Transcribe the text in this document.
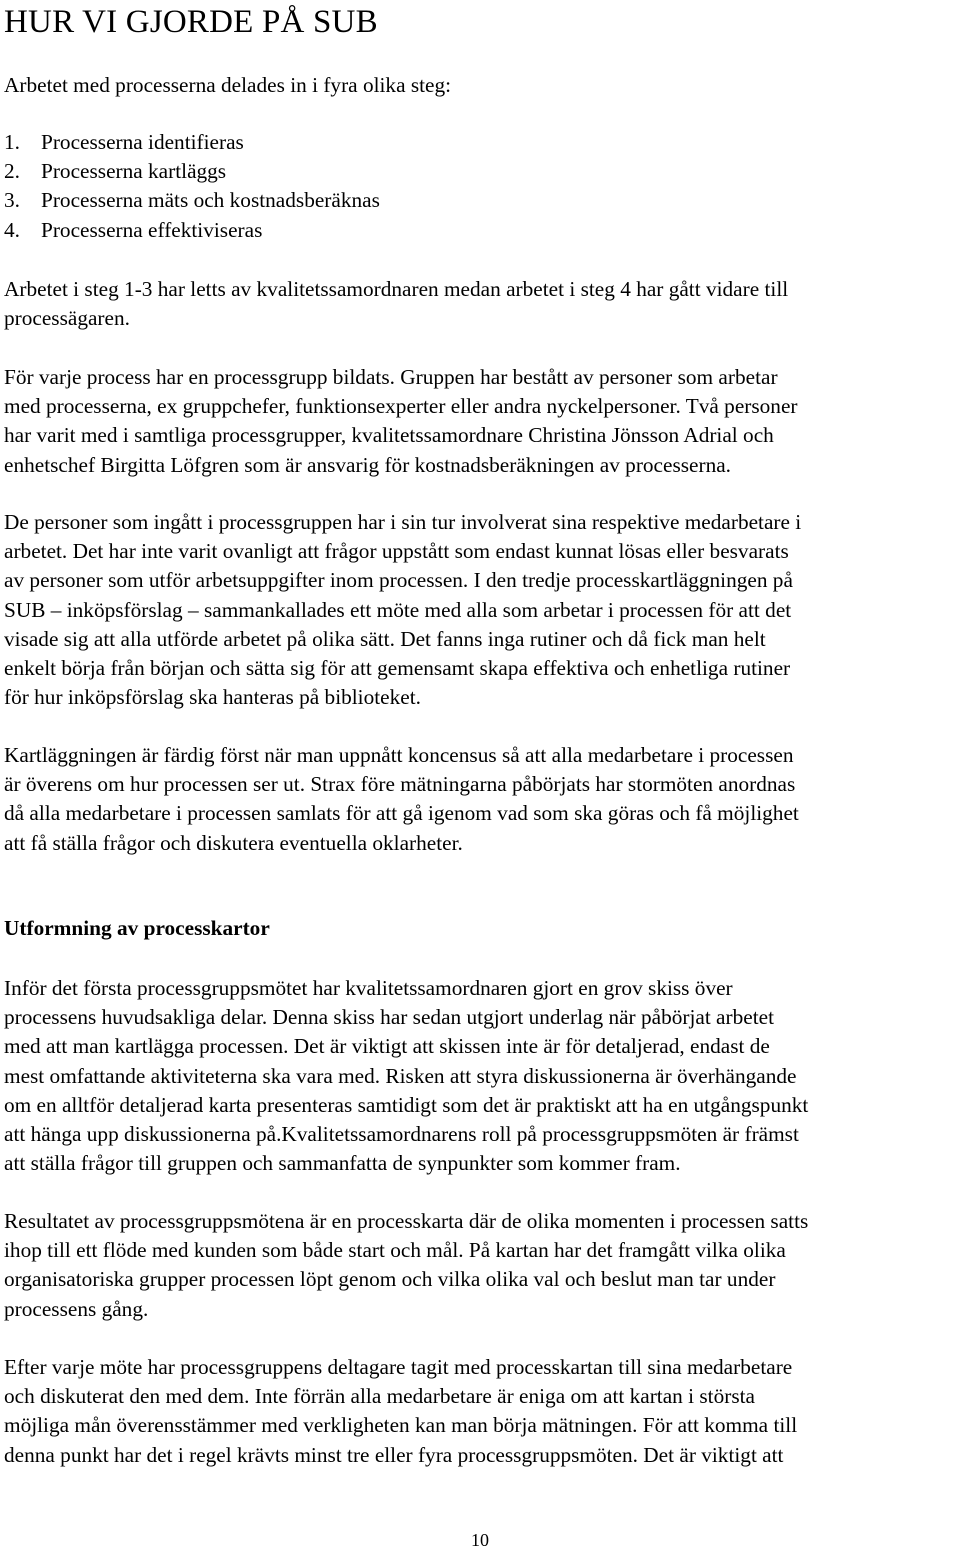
HUR VI GJORDE PÅ SUB

Arbetet med processerna delades in i fyra olika steg:

1. Processerna identifieras
2. Processerna kartläggs
3. Processerna mäts och kostnadsberäknas
4. Processerna effektiviseras
Arbetet i steg 1-3 har letts av kvalitetssamordnaren medan arbetet i steg 4 har gått vidare till
processägaren.
För varje process har en processgrupp bildats. Gruppen har bestått av personer som arbetar
med processerna, ex gruppchefer, funktionsexperter eller andra nyckelpersoner. Två personer
har varit med i samtliga processgrupper, kvalitetssamordnare Christina Jönsson Adrial och
enhetschef Birgitta Löfgren som är ansvarig för kostnadsberäkningen av processerna.
De personer som ingått i processgruppen har i sin tur involverat sina respektive medarbetare i
arbetet. Det har inte varit ovanligt att frågor uppstått som endast kunnat lösas eller besvarats
av personer som utför arbetsuppgifter inom processen. I den tredje processkartläggningen på
SUB – inköpsförslag – sammankallades ett möte med alla som arbetar i processen för att det
visade sig att alla utförde arbetet på olika sätt. Det fanns inga rutiner och då fick man helt
enkelt börja från början och sätta sig för att gemensamt skapa effektiva och enhetliga rutiner
för hur inköpsförslag ska hanteras på biblioteket.
Kartläggningen är färdig först när man uppnått koncensus så att alla medarbetare i processen
är överens om hur processen ser ut. Strax före mätningarna påbörjats har stormöten anordnas
då alla medarbetare i processen samlats för att gå igenom vad som ska göras och få möjlighet
att få ställa frågor och diskutera eventuella oklarheter.
Utformning av processkartor
Inför det första processgruppsmötet har kvalitetssamordnaren gjort en grov skiss över
processens huvudsakliga delar. Denna skiss har sedan utgjort underlag när påbörjat arbetet
med att man kartlägga processen. Det är viktigt att skissen inte är för detaljerad, endast de
mest omfattande aktiviteterna ska vara med. Risken att styra diskussionerna är överhängande
om en alltför detaljerad karta presenteras samtidigt som det är praktiskt att ha en utgångspunkt
att hänga upp diskussionerna på.Kvalitetssamordnarens roll på processgruppsmöten är främst
att ställa frågor till gruppen och sammanfatta de synpunkter som kommer fram.
Resultatet av processgruppsmötena är en processkarta där de olika momenten i processen satts
ihop till ett flöde med kunden som både start och mål. På kartan har det framgått vilka olika
organisatoriska grupper processen löpt genom och vilka olika val och beslut man tar under
processens gång.
Efter varje möte har processgruppens deltagare tagit med processkartan till sina medarbetare
och diskuterat den med dem. Inte förrän alla medarbetare är eniga om att kartan i största
möjliga mån överensstämmer med verkligheten kan man börja mätningen. För att komma till
denna punkt har det i regel krävts minst tre eller fyra processgruppsmöten. Det är viktigt att
10
